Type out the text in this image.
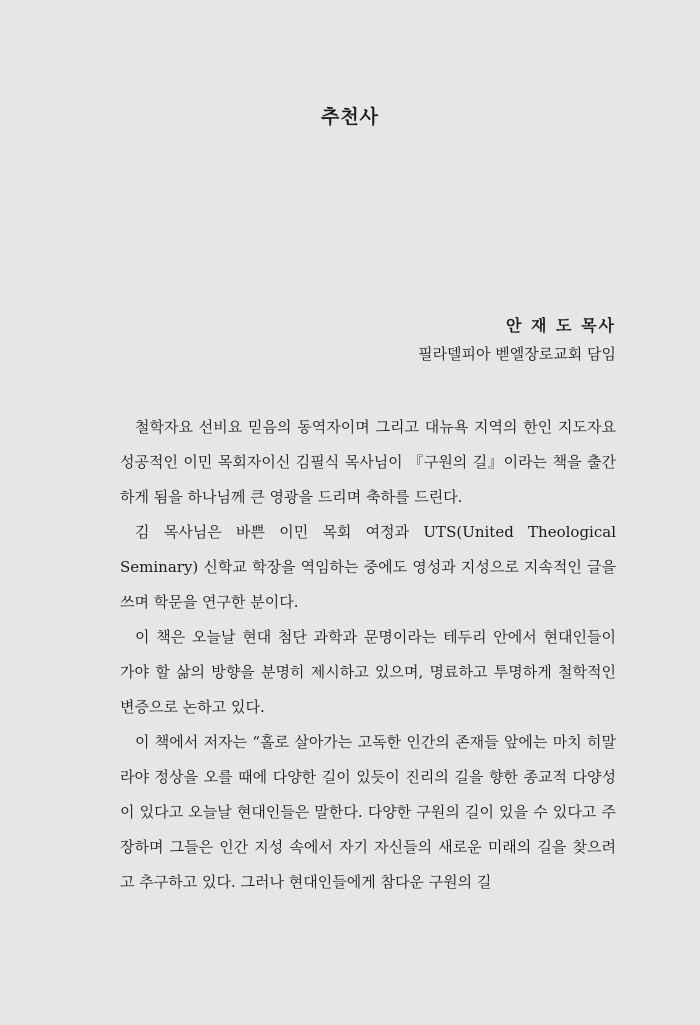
추천사

안 재 도 목사

필라델피아 벧엘장로교회 담임

철학자요 선비요 믿음의 동역자이며 그리고 대뉴욕 지역의 한인 지도자요 성공적인 이민 목회자이신 김필식 목사님이 『구원의 길』이라는 책을 출간하게 됨을 하나님께 큰 영광을 드리며 축하를 드린다.

김 목사님은 바쁜 이민 목회 여정과 UTS(United Theological Seminary) 신학교 학장을 역임하는 중에도 영성과 지성으로 지속적인 글을 쓰며 학문을 연구한 분이다.

이 책은 오늘날 현대 첨단 과학과 문명이라는 테두리 안에서 현대인들이 가야 할 삶의 방향을 분명히 제시하고 있으며, 명료하고 투명하게 철학적인 변증으로 논하고 있다.

이 책에서 저자는 “홀로 살아가는 고독한 인간의 존재들 앞에는 마치 히말라야 정상을 오를 때에 다양한 길이 있듯이 진리의 길을 향한 종교적 다양성이 있다고 오늘날 현대인들은 말한다. 다양한 구원의 길이 있을 수 있다고 주장하며 그들은 인간 지성 속에서 자기 자신들의 새로운 미래의 길을 찾으려고 추구하고 있다. 그러나 현대인들에게 참다운 구원의 길
